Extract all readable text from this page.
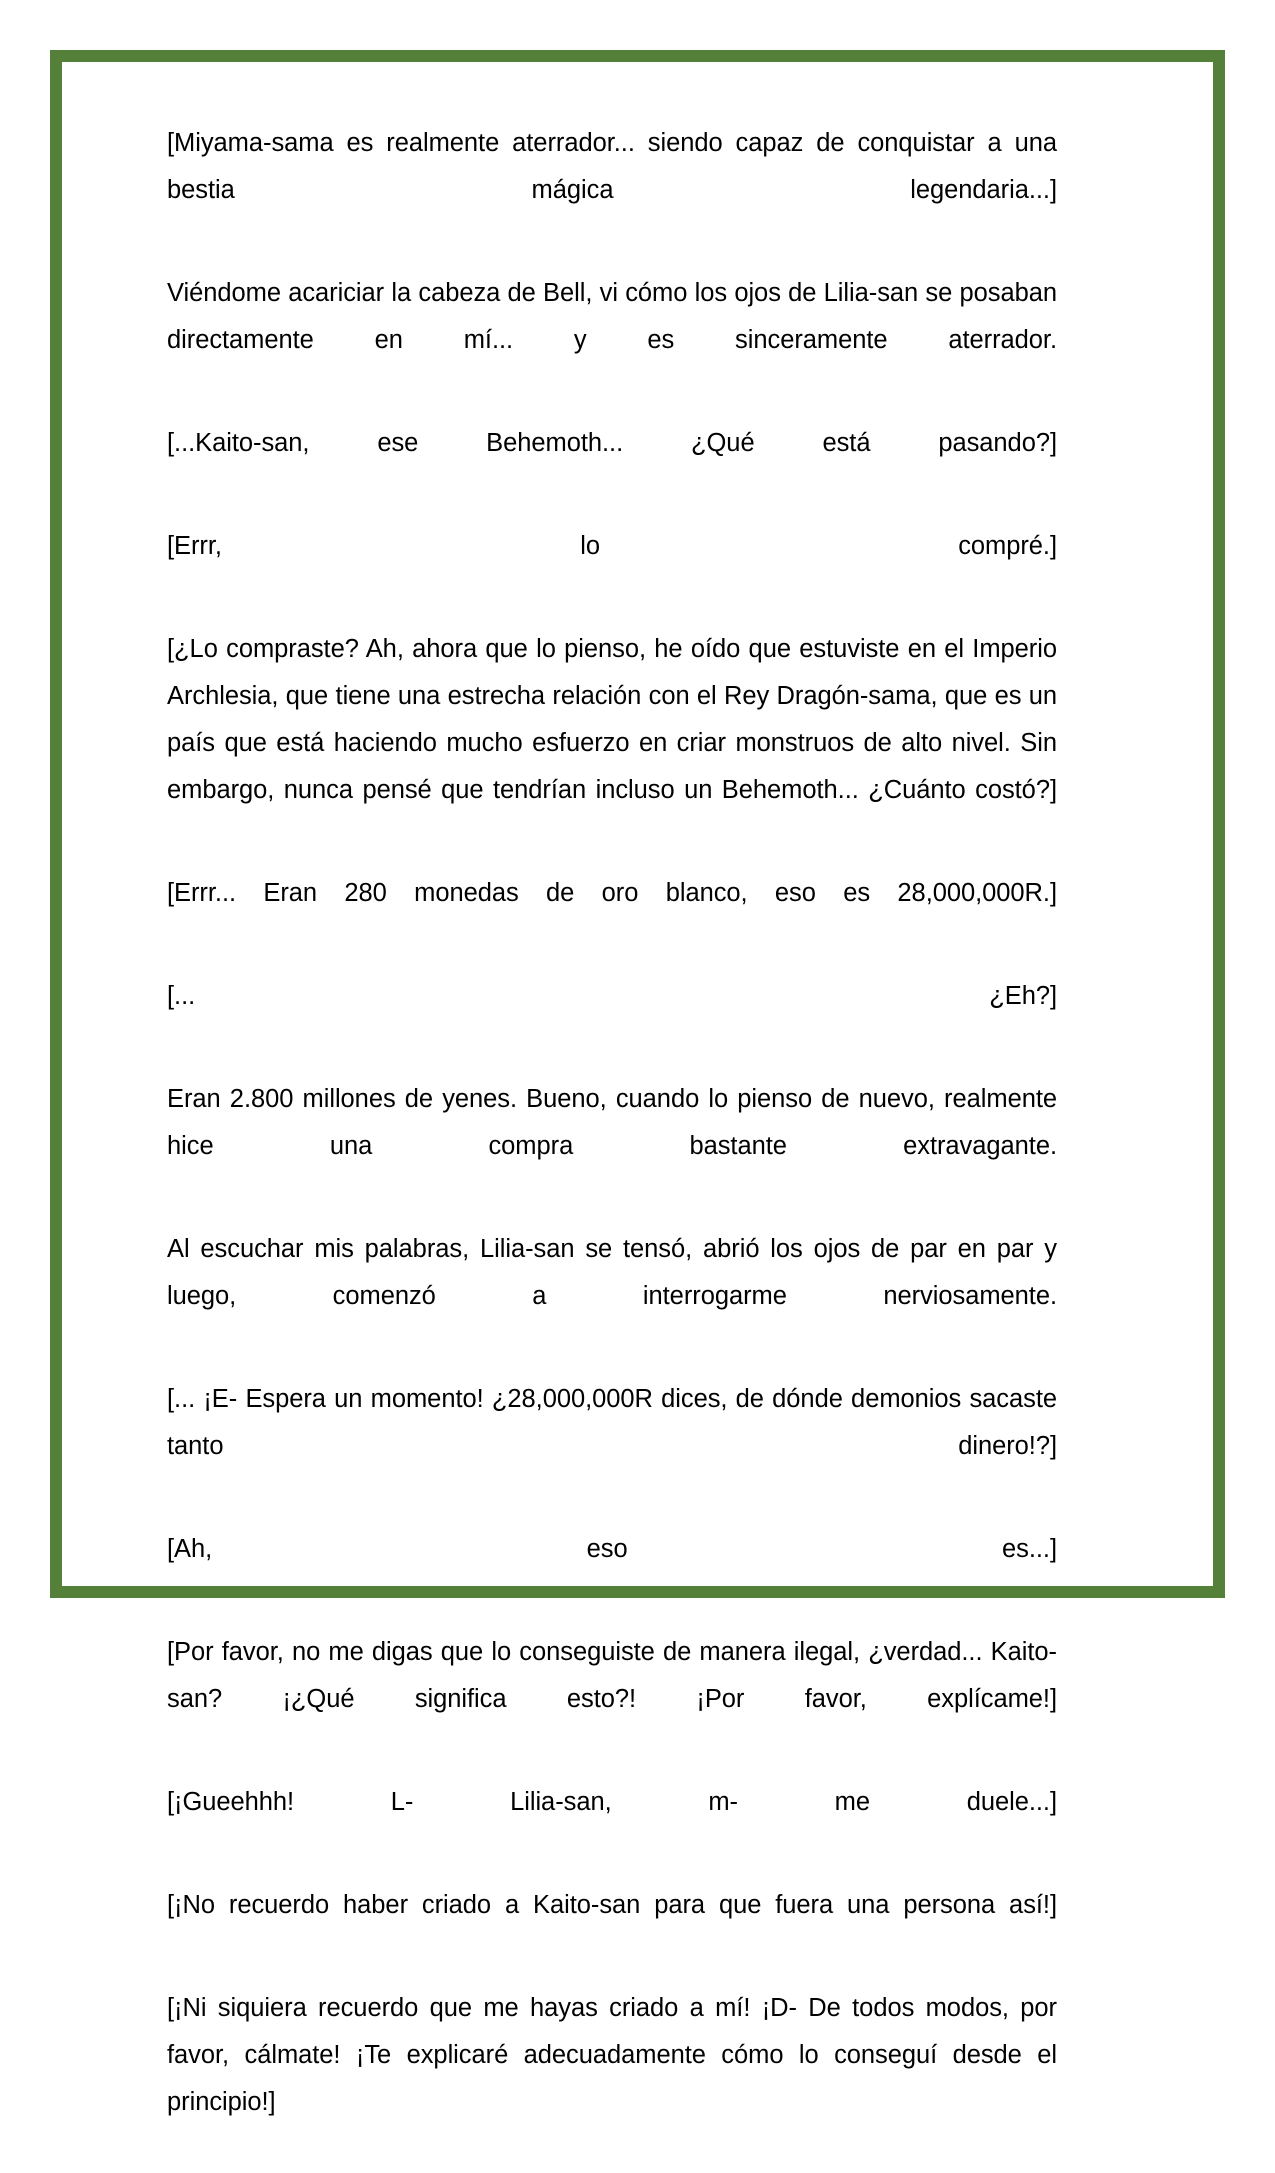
[Miyama-sama es realmente aterrador... siendo capaz de conquistar a una bestia mágica legendaria...]

Viéndome acariciar la cabeza de Bell, vi cómo los ojos de Lilia-san se posaban directamente en mí... y es sinceramente aterrador.

[...Kaito-san, ese Behemoth... ¿Qué está pasando?]

[Errr, lo compré.]

[¿Lo compraste? Ah, ahora que lo pienso, he oído que estuviste en el Imperio Archlesia, que tiene una estrecha relación con el Rey Dragón-sama, que es un país que está haciendo mucho esfuerzo en criar monstruos de alto nivel. Sin embargo, nunca pensé que tendrían incluso un Behemoth... ¿Cuánto costó?]

[Errr... Eran 280 monedas de oro blanco, eso es 28,000,000R.]

[... ¿Eh?]

Eran 2.800 millones de yenes. Bueno, cuando lo pienso de nuevo, realmente hice una compra bastante extravagante.

Al escuchar mis palabras, Lilia-san se tensó, abrió los ojos de par en par y luego, comenzó a interrogarme nerviosamente.

[... ¡E- Espera un momento! ¿28,000,000R dices, de dónde demonios sacaste tanto dinero!?]

[Ah, eso es...]

[Por favor, no me digas que lo conseguiste de manera ilegal, ¿verdad... Kaito-san? ¡¿Qué significa esto?! ¡Por favor, explícame!]

[¡Gueehhh! L- Lilia-san, m- me duele...]

[¡No recuerdo haber criado a Kaito-san para que fuera una persona así!]

[¡Ni siquiera recuerdo que me hayas criado a mí! ¡D- De todos modos, por favor, cálmate! ¡Te explicaré adecuadamente cómo lo conseguí desde el principio!]
